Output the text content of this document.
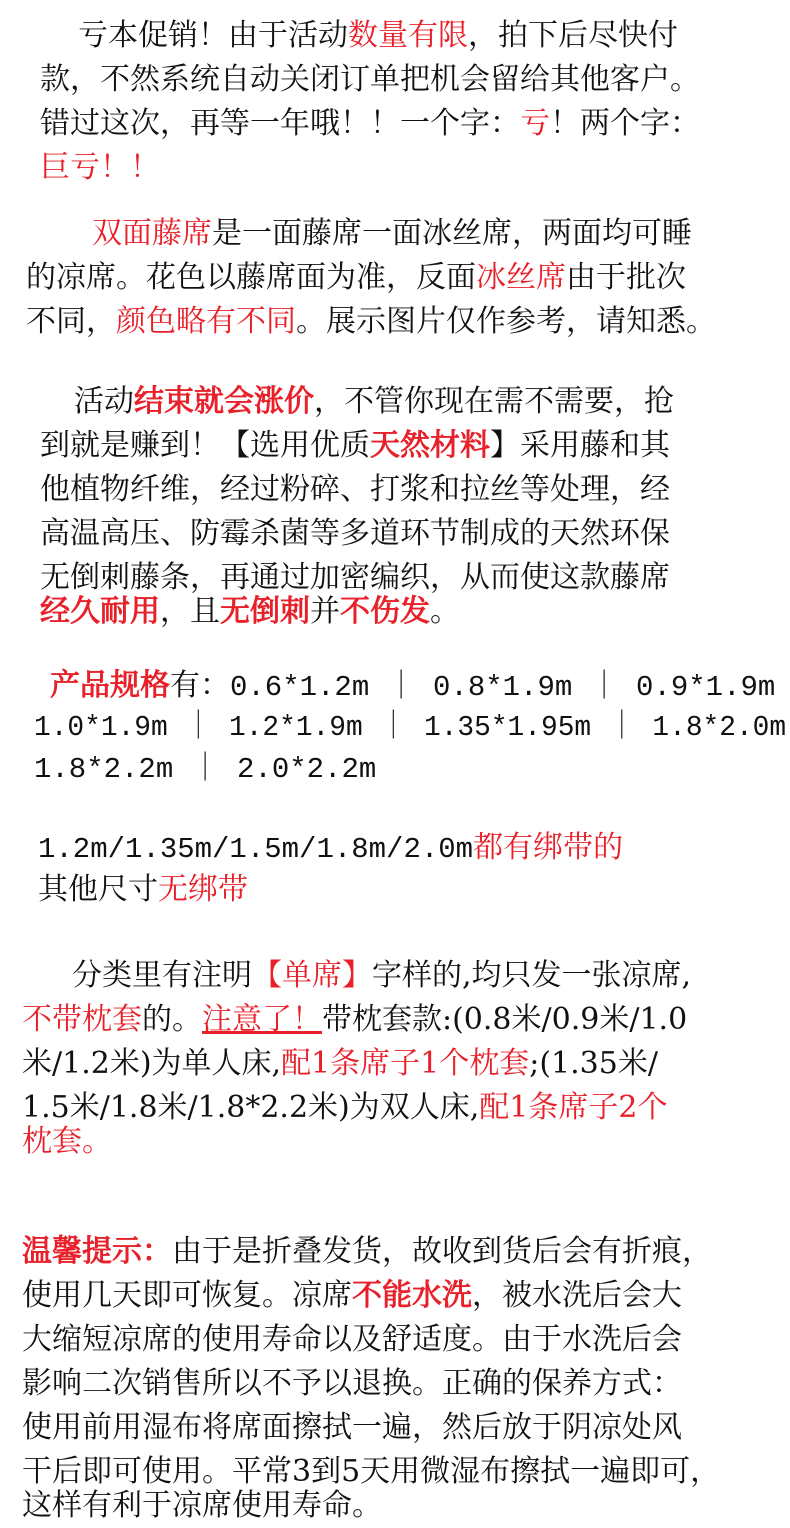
亏本促销！由于活动数量有限，拍下后尽快付
款，不然系统自动关闭订单把机会留给其他客户。
错过这次，再等一年哦！！一个字：亏！两个字：
巨亏！！
双面藤席是一面藤席一面冰丝席，两面均可睡
的凉席。花色以藤席面为准，反面冰丝席由于批次
不同，颜色略有不同。展示图片仅作参考，请知悉。
活动结束就会涨价，不管你现在需不需要，抢
到就是赚到！【选用优质天然材料】采用藤和其
他植物纤维，经过粉碎、打浆和拉丝等处理，经
高温高压、防霉杀菌等多道环节制成的天然环保
无倒刺藤条，再通过加密编织，从而使这款藤席
经久耐用，且无倒刺并不伤发。
产品规格有：0.6*1.2m ｜ 0.8*1.9m ｜ 0.9*1.9m
1.0*1.9m ｜ 1.2*1.9m ｜ 1.35*1.95m ｜ 1.8*2.0m
1.8*2.2m ｜ 2.0*2.2m
1.2m/1.35m/1.5m/1.8m/2.0m都有绑带的
其他尺寸无绑带
分类里有注明【单席】字样的,均只发一张凉席,
不带枕套的。注意了！带枕套款:(0.8米/0.9米/1.0
米/1.2米)为单人床,配1条席子1个枕套;(1.35米/
1.5米/1.8米/1.8*2.2米)为双人床,配1条席子2个
枕套。
温馨提示：由于是折叠发货，故收到货后会有折痕，
使用几天即可恢复。凉席不能水洗，被水洗后会大
大缩短凉席的使用寿命以及舒适度。由于水洗后会
影响二次销售所以不予以退换。正确的保养方式：
使用前用湿布将席面擦拭一遍，然后放于阴凉处风
干后即可使用。平常3到5天用微湿布擦拭一遍即可，
这样有利于凉席使用寿命。
